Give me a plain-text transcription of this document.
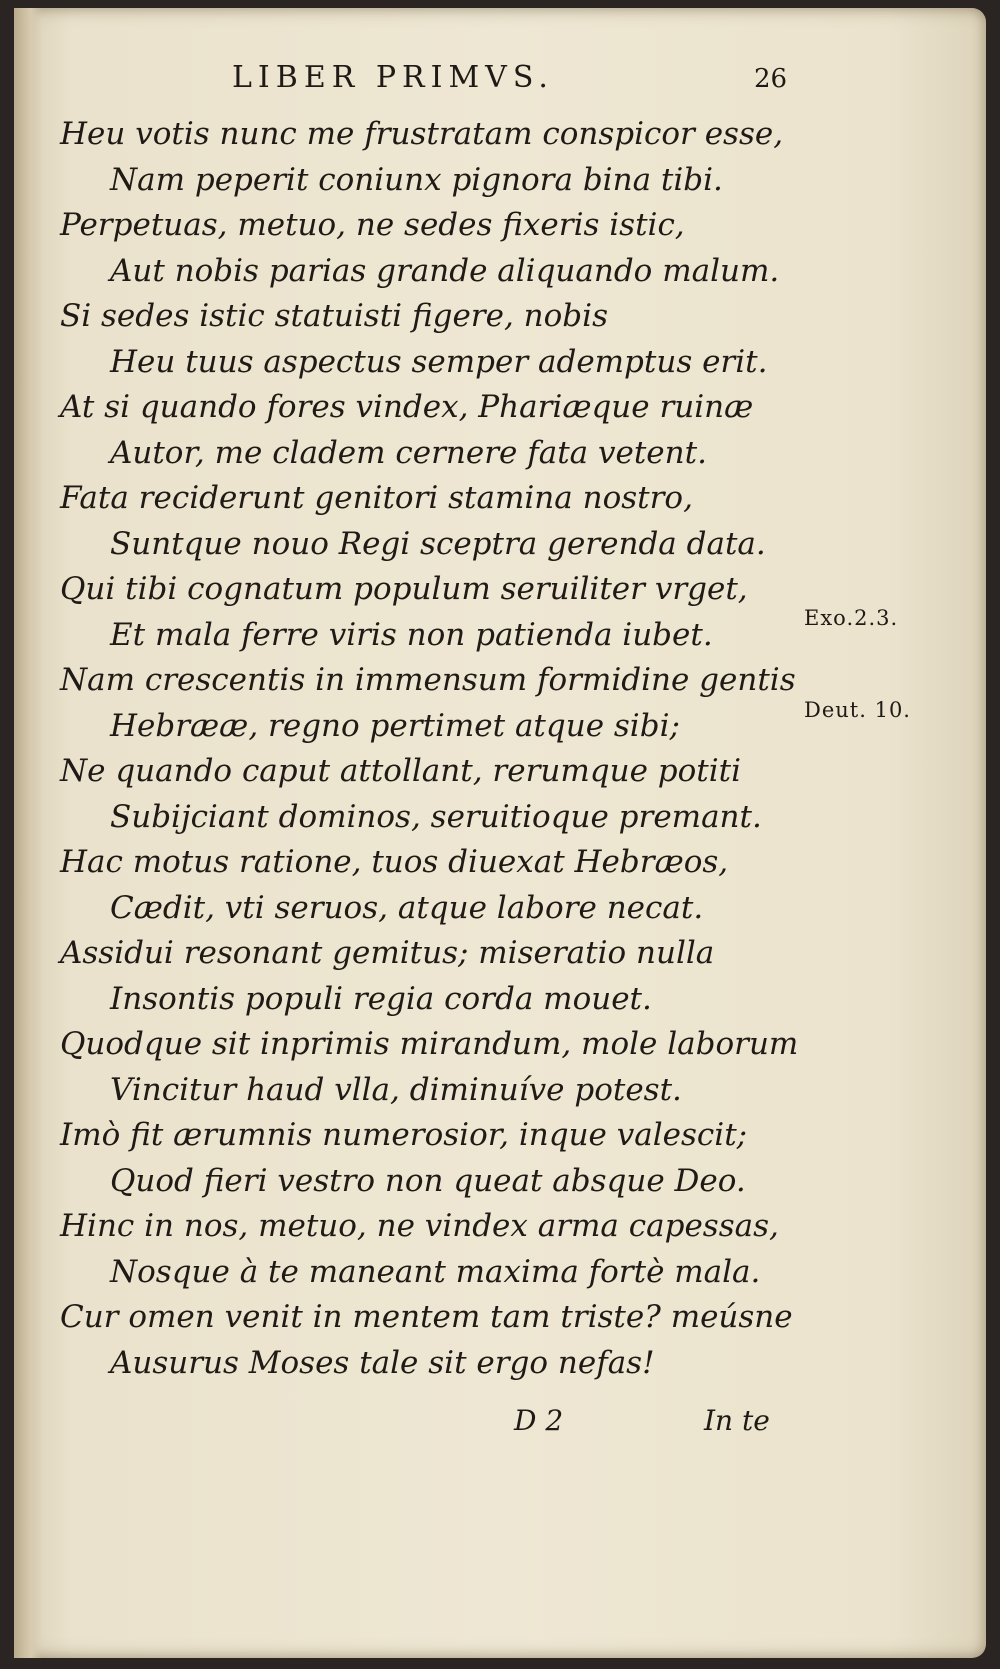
LIBER PRIMVS.	26
Heu votis nunc me frustratam conspicor esse,
Nam peperit coniunx pignora bina tibi.
Perpetuas, metuo, ne sedes fixeris istic,
Aut nobis parias grande aliquando malum.
Si sedes istic statuisti figere, nobis
Heu tuus aspectus semper ademptus erit.
At si quando fores vindex, Phariæque ruinæ
Autor, me cladem cernere fata vetent.
Fata reciderunt genitori stamina nostro,
Suntque nouo Regi sceptra gerenda data.
Qui tibi cognatum populum seruiliter vrget,
Et mala ferre viris non patienda iubet.
Nam crescentis in immensum formidine gentis
Hebrææ, regno pertimet atque sibi;
Ne quando caput attollant, rerumque potiti
Subijciant dominos, seruitioque premant.
Hac motus ratione, tuos diuexat Hebræos,
Cædit, vti seruos, atque labore necat.
Assidui resonant gemitus; miseratio nulla
Insontis populi regia corda mouet.
Quodque sit inprimis mirandum, mole laborum
Vincitur haud vlla, diminuíve potest.
Imò fit ærumnis numerosior, inque valescit;
Quod fieri vestro non queat absque Deo.
Hinc in nos, metuo, ne vindex arma capessas,
Nosque à te maneant maxima fortè mala.
Cur omen venit in mentem tam triste? meúsne
Ausurus Moses tale sit ergo nefas!
Exo.2.3.
Deut. 10.
D 2	In te
